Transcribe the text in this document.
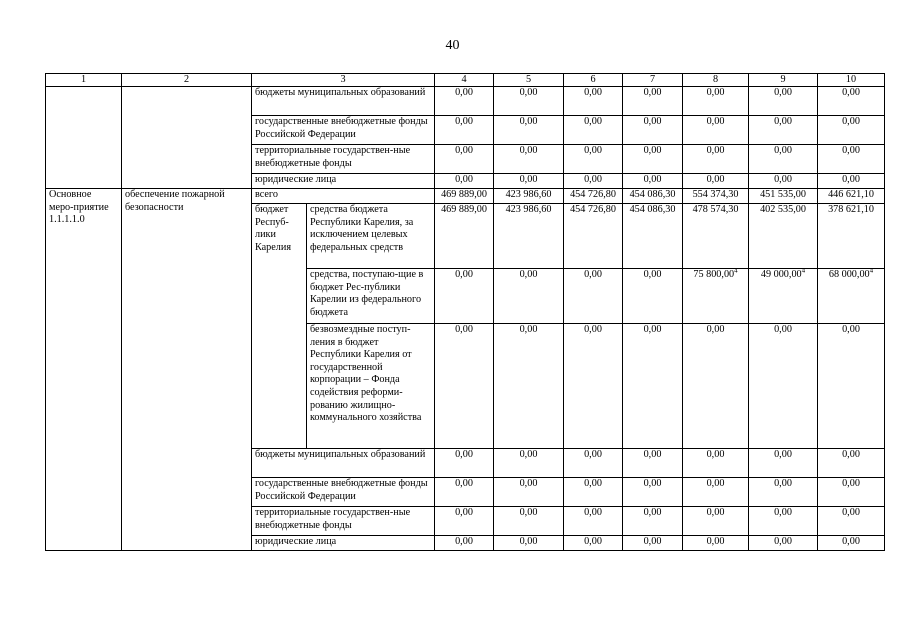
40
1	2	3		4	5	6	7	8	9	10
		бюджеты муниципальных образований		0,00	0,00	0,00	0,00	0,00	0,00	0,00
		государственные внебюджетные фонды Российской Федерации		0,00	0,00	0,00	0,00	0,00	0,00	0,00
		территориальные государствен-ные внебюджетные фонды		0,00	0,00	0,00	0,00	0,00	0,00	0,00
		юридические лица		0,00	0,00	0,00	0,00	0,00	0,00	0,00
Основное меро-приятие 1.1.1.1.0	обеспечение пожарной безопасности	всего		469 889,00	423 986,60	454 726,80	454 086,30	554 374,30	451 535,00	446 621,10
		бюджет Респуб-лики Карелия	средства бюджета Республики Карелия, за исключением целевых федеральных средств	469 889,00	423 986,60	454 726,80	454 086,30	478 574,30	402 535,00	378 621,10
			средства, поступаю-щие в бюджет Рес-публики Карелии из федерального бюджета	0,00	0,00	0,00	0,00	75 800,00$^4$	49 000,00$^4$	68 000,00$^4$
			безвозмездные поступ-ления в бюджет Республики Карелия от государственной корпорации – Фонда содействия реформи-рованию жилищно-коммунального хозяйства	0,00	0,00	0,00	0,00	0,00	0,00	0,00
		бюджеты муниципальных образований		0,00	0,00	0,00	0,00	0,00	0,00	0,00
		государственные внебюджетные фонды Российской Федерации		0,00	0,00	0,00	0,00	0,00	0,00	0,00
		территориальные государствен-ные внебюджетные фонды		0,00	0,00	0,00	0,00	0,00	0,00	0,00
		юридические лица		0,00	0,00	0,00	0,00	0,00	0,00	0,00
